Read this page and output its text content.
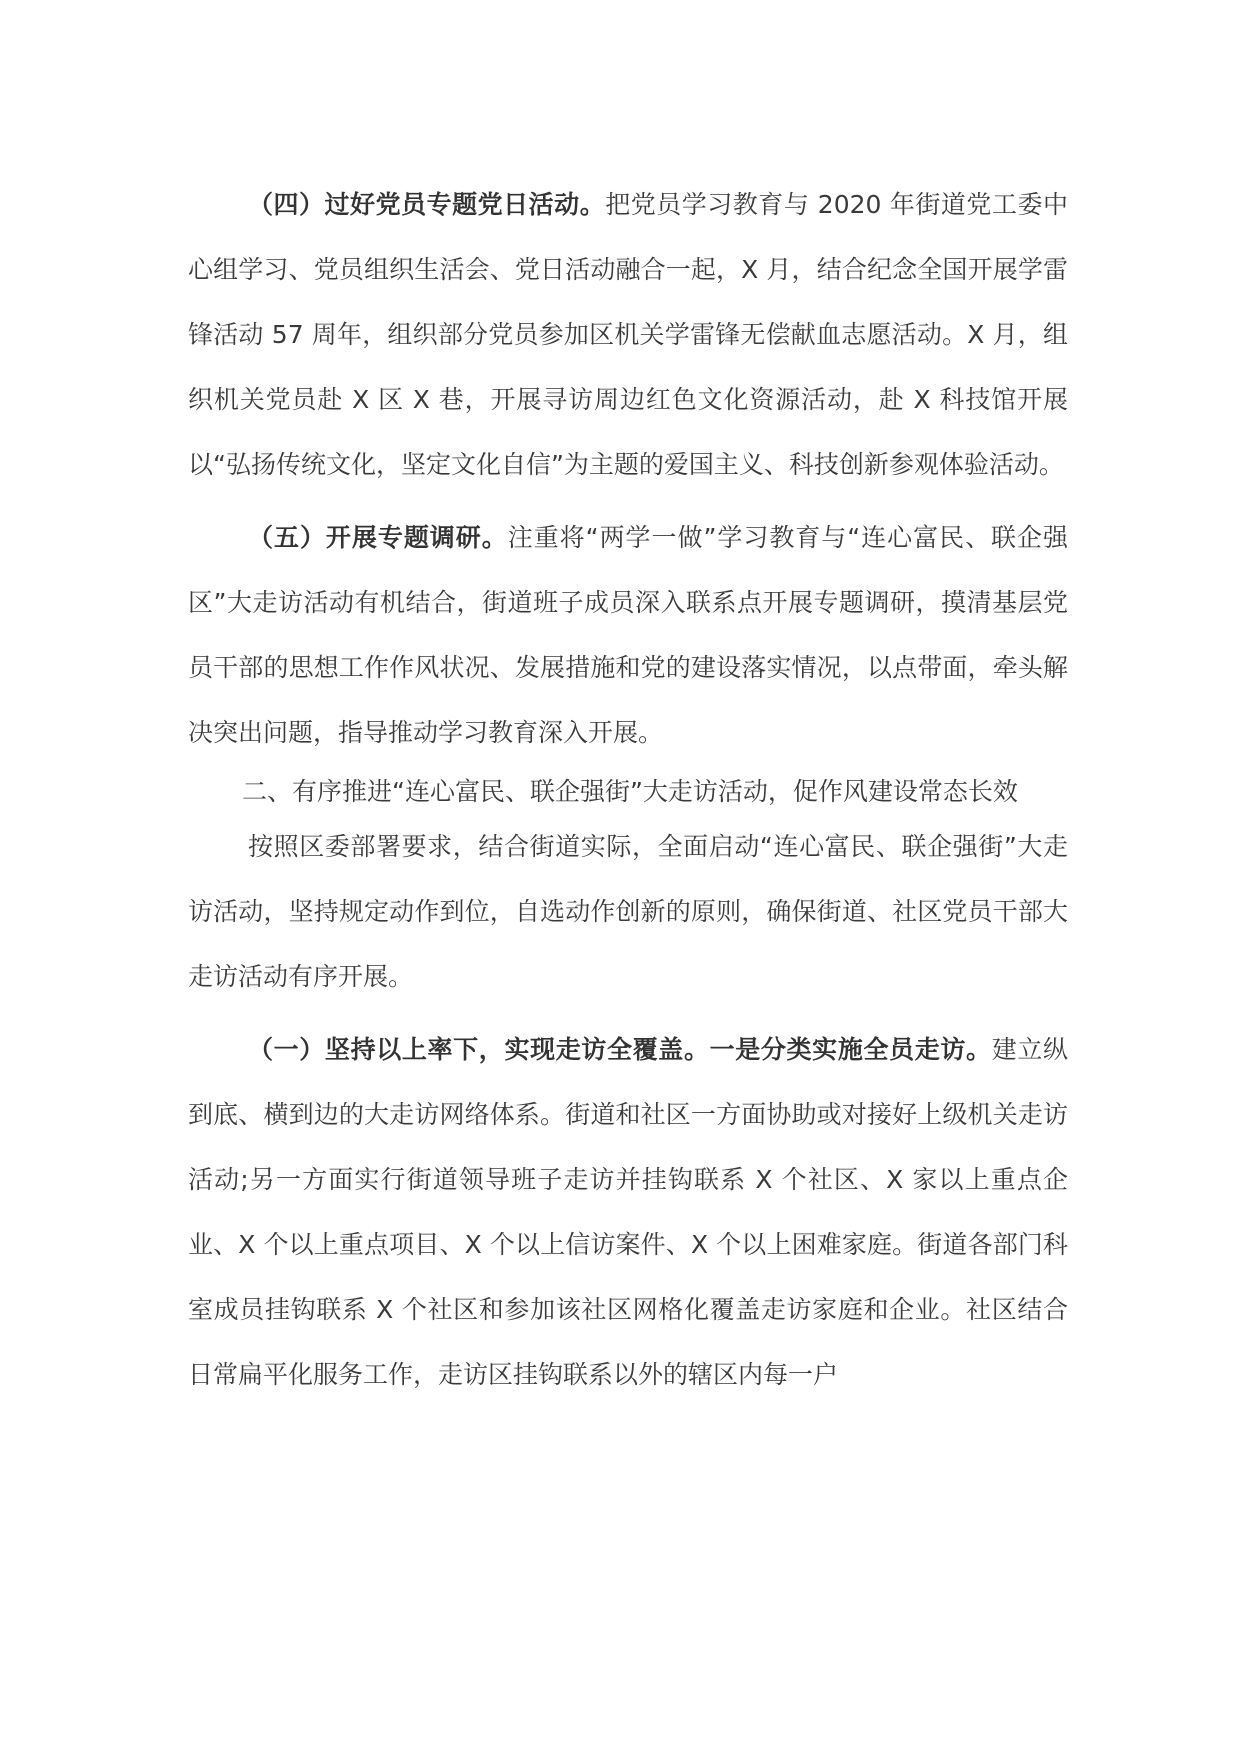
（四）过好党员专题党日活动。把党员学习教育与 2020 年街道党工委中心组学习、党员组织生活会、党日活动融合一起，X 月，结合纪念全国开展学雷锋活动 57 周年，组织部分党员参加区机关学雷锋无偿献血志愿活动。X 月，组织机关党员赴 X 区 X 巷，开展寻访周边红色文化资源活动，赴 X 科技馆开展以“弘扬传统文化，坚定文化自信”为主题的爱国主义、科技创新参观体验活动。

（五）开展专题调研。注重将“两学一做”学习教育与“连心富民、联企强区”大走访活动有机结合，街道班子成员深入联系点开展专题调研，摸清基层党员干部的思想工作作风状况、发展措施和党的建设落实情况，以点带面，牵头解决突出问题，指导推动学习教育深入开展。

二、有序推进“连心富民、联企强街”大走访活动，促作风建设常态长效

按照区委部署要求，结合街道实际，全面启动“连心富民、联企强街”大走访活动，坚持规定动作到位，自选动作创新的原则，确保街道、社区党员干部大走访活动有序开展。

（一）坚持以上率下，实现走访全覆盖。一是分类实施全员走访。建立纵到底、横到边的大走访网络体系。街道和社区一方面协助或对接好上级机关走访活动;另一方面实行街道领导班子走访并挂钩联系 X 个社区、X 家以上重点企业、X 个以上重点项目、X 个以上信访案件、X 个以上困难家庭。街道各部门科室成员挂钩联系 X 个社区和参加该社区网格化覆盖走访家庭和企业。社区结合日常扁平化服务工作，走访区挂钩联系以外的辖区内每一户
